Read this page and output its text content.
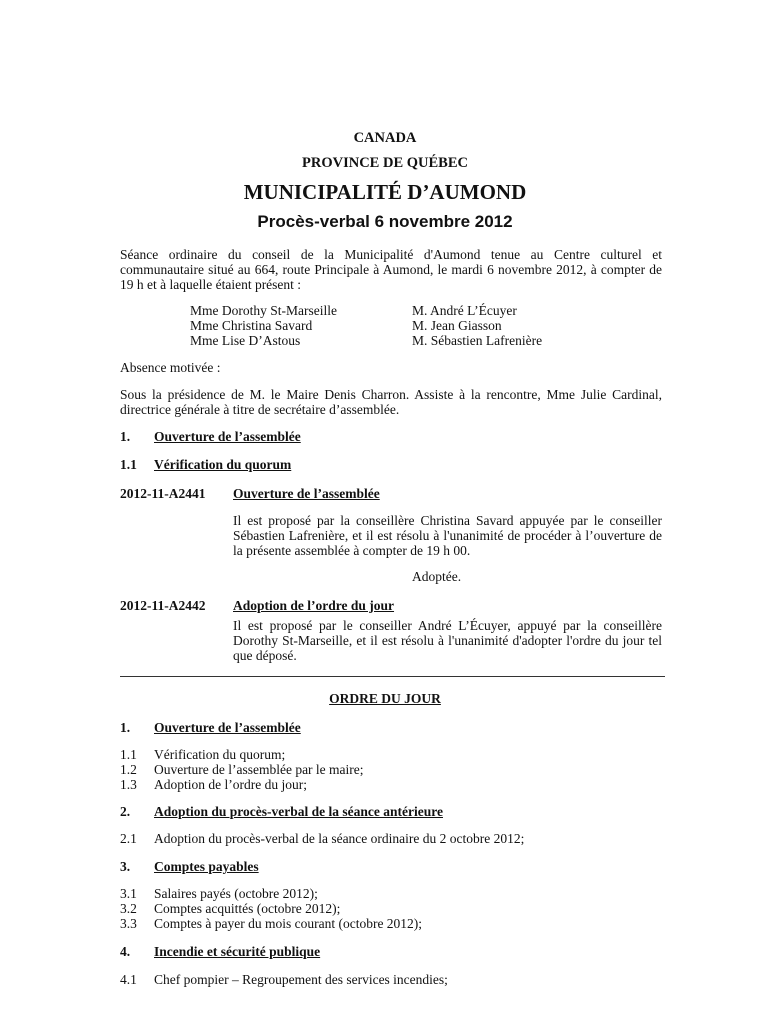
CANADA
PROVINCE DE QUÉBEC
MUNICIPALITÉ D’AUMOND
Procès-verbal 6 novembre 2012
Séance ordinaire du conseil de la Municipalité d'Aumond tenue au Centre culturel et communautaire situé au 664, route Principale à Aumond, le mardi 6 novembre 2012, à compter de 19 h et à laquelle étaient présent :
Mme Dorothy St-Marseille
Mme Christina Savard
Mme Lise D’Astous
M. André L’Écuyer
M. Jean Giasson
M. Sébastien Lafrenière
Absence motivée :
Sous la présidence de M. le Maire Denis Charron. Assiste à la rencontre, Mme Julie Cardinal, directrice générale à titre de secrétaire d’assemblée.
1. Ouverture de l’assemblée
1.1 Vérification du quorum
2012-11-A2441 Ouverture de l’assemblée
Il est proposé par la conseillère Christina Savard appuyée par le conseiller Sébastien Lafrenière, et il est résolu à l'unanimité de procéder à l’ouverture de la présente assemblée à compter de 19 h 00.
Adoptée.
2012-11-A2442 Adoption de l’ordre du jour
Il est proposé par le conseiller André L’Écuyer, appuyé par la conseillère Dorothy St-Marseille, et il est résolu à l'unanimité d'adopter l'ordre du jour tel que déposé.
ORDRE DU JOUR
1. Ouverture de l’assemblée
1.1 Vérification du quorum;
1.2 Ouverture de l’assemblée par le maire;
1.3 Adoption de l’ordre du jour;
2. Adoption du procès-verbal de la séance antérieure
2.1 Adoption du procès-verbal de la séance ordinaire du 2 octobre 2012;
3. Comptes payables
3.1 Salaires payés (octobre 2012);
3.2 Comptes acquittés (octobre 2012);
3.3 Comptes à payer du mois courant (octobre 2012);
4. Incendie et sécurité publique
4.1 Chef pompier – Regroupement des services incendies;
